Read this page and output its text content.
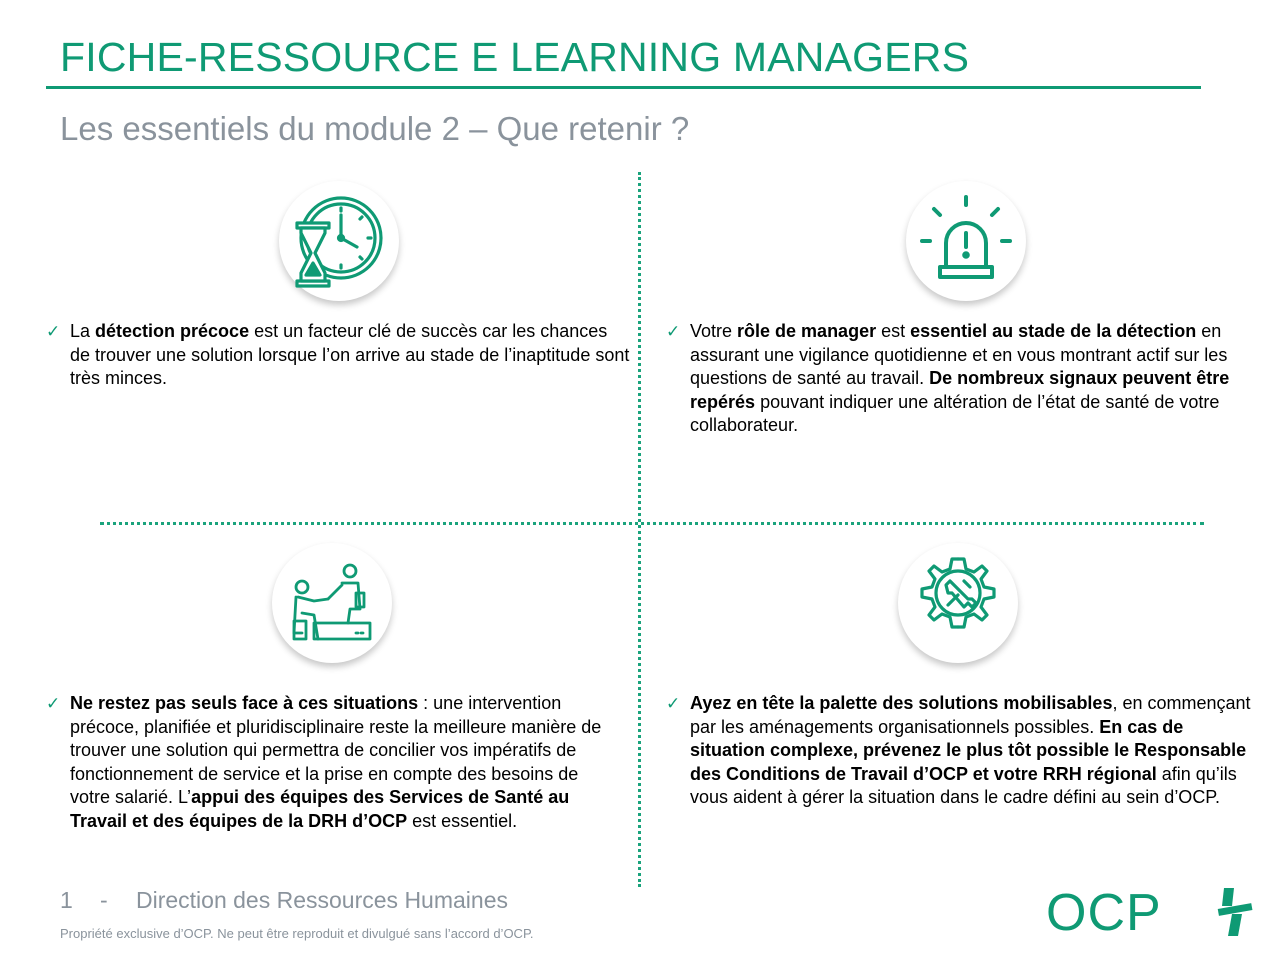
FICHE-RESSOURCE E LEARNING MANAGERS
Les essentiels du module 2 – Que retenir ?
✓ La détection précoce est un facteur clé de succès car les chances de trouver une solution lorsque l’on arrive au stade de l’inaptitude sont très minces.

✓ Votre rôle de manager est essentiel au stade de la détection en assurant une vigilance quotidienne et en vous montrant actif sur les questions de santé au travail. De nombreux signaux peuvent être repérés pouvant indiquer une altération de l’état de santé de votre collaborateur.

✓ Ne restez pas seuls face à ces situations : une intervention précoce, planifiée et pluridisciplinaire reste la meilleure manière de trouver une solution qui permettra de concilier vos impératifs de fonctionnement de service et la prise en compte des besoins de votre salarié. L’appui des équipes des Services de Santé au Travail et des équipes de la DRH d’OCP est essentiel.

✓ Ayez en tête la palette des solutions mobilisables, en commençant par les aménagements organisationnels possibles. En cas de situation complexe, prévenez le plus tôt possible le Responsable des Conditions de Travail d’OCP et votre RRH régional afin qu’ils vous aident à gérer la situation dans le cadre défini au sein d’OCP.

1 - Direction des Ressources Humaines
Propriété exclusive d’OCP. Ne peut être reproduit et divulgué sans l’accord d’OCP.	OCP
